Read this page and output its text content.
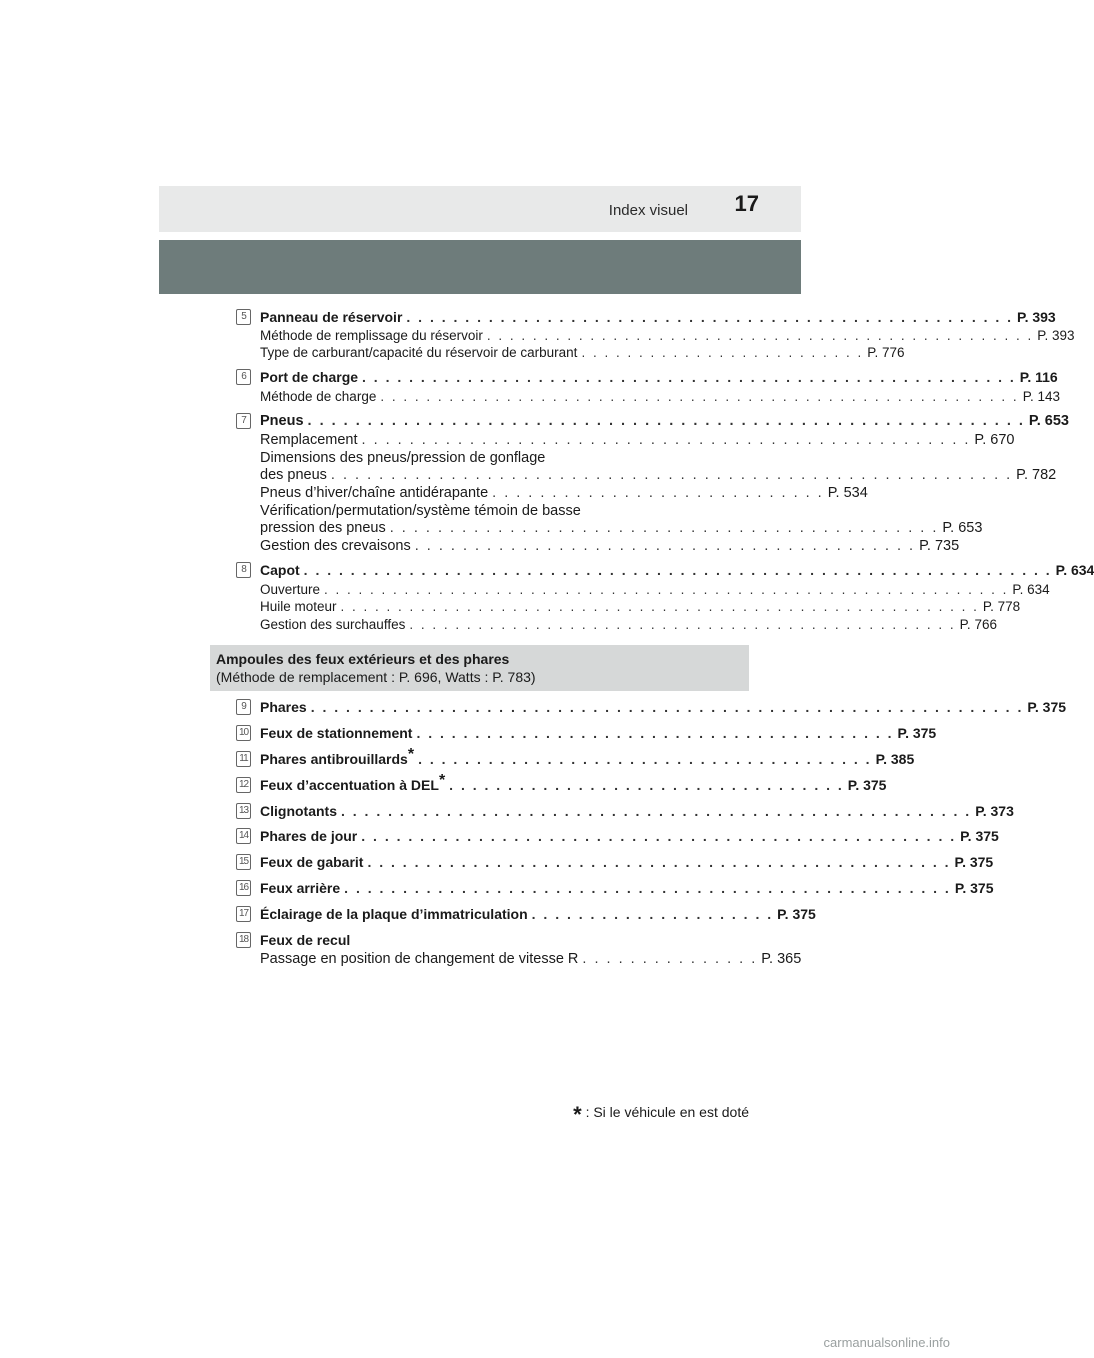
Index visuel 17
5	Panneau de réservoir . . . . . . . . . . . . . . . . . . . . . . . . . . . . . . . . . . . . . . . . . . . . . . . . . . . . P. 393
Méthode de remplissage du réservoir . . . . . . . . . . . . . . . . . . . . . . . . . . . . . . . . . . . . . . . . . . . . . . . . P. 393
Type de carburant/capacité du réservoir de carburant . . . . . . . . . . . . . . . . . . . . . . . . . P. 776
6	Port de charge . . . . . . . . . . . . . . . . . . . . . . . . . . . . . . . . . . . . . . . . . . . . . . . . . . . . . . . . P. 116
Méthode de charge . . . . . . . . . . . . . . . . . . . . . . . . . . . . . . . . . . . . . . . . . . . . . . . . . . . . . . . . P. 143
7 Pneus . . . . . . . . . . . . . . . . . . . . . . . . . . . . . . . . . . . . . . . . . . . . . . . . . . . . . . . . . . . . P. 653
Remplacement . . . . . . . . . . . . . . . . . . . . . . . . . . . . . . . . . . . . . . . . . . . . . . . . . . . P. 670
Dimensions des pneus/pression de gonflage
des pneus . . . . . . . . . . . . . . . . . . . . . . . . . . . . . . . . . . . . . . . . . . . . . . . . . . . . . . . . . P. 782
Pneus d’hiver/chaîne antidérapante . . . . . . . . . . . . . . . . . . . . . . . . . . . . P. 534
Vérification/permutation/système témoin de basse
pression des pneus . . . . . . . . . . . . . . . . . . . . . . . . . . . . . . . . . . . . . . . . . . . . . . P. 653
Gestion des crevaisons . . . . . . . . . . . . . . . . . . . . . . . . . . . . . . . . . . . . . . . . . . P. 735
8	Capot . . . . . . . . . . . . . . . . . . . . . . . . . . . . . . . . . . . . . . . . . . . . . . . . . . . . . . . . . . . . . . . . P. 634
Ouverture . . . . . . . . . . . . . . . . . . . . . . . . . . . . . . . . . . . . . . . . . . . . . . . . . . . . . . . . . . . . P. 634
Huile moteur . . . . . . . . . . . . . . . . . . . . . . . . . . . . . . . . . . . . . . . . . . . . . . . . . . . . . . . . P. 778
Gestion des surchauffes . . . . . . . . . . . . . . . . . . . . . . . . . . . . . . . . . . . . . . . . . . . . . . . . P. 766
Ampoules des feux extérieurs et des phares
(Méthode de remplacement : P. 696, Watts : P. 783)
9	Phares . . . . . . . . . . . . . . . . . . . . . . . . . . . . . . . . . . . . . . . . . . . . . . . . . . . . . . . . . . . . . P. 375
10 Feux de stationnement . . . . . . . . . . . . . . . . . . . . . . . . . . . . . . . . . . . . . . . . . P. 375
11 Phares antibrouillards* . . . . . . . . . . . . . . . . . . . . . . . . . . . . . . . . . . . . . . . P. 385
12 Feux d’accentuation à DEL* . . . . . . . . . . . . . . . . . . . . . . . . . . . . . . . . . . P. 375
13 Clignotants . . . . . . . . . . . . . . . . . . . . . . . . . . . . . . . . . . . . . . . . . . . . . . . . . . . . . . P. 373
14 Phares de jour . . . . . . . . . . . . . . . . . . . . . . . . . . . . . . . . . . . . . . . . . . . . . . . . . . . P. 375
15 Feux de gabarit . . . . . . . . . . . . . . . . . . . . . . . . . . . . . . . . . . . . . . . . . . . . . . . . . . P. 375
16 Feux arrière . . . . . . . . . . . . . . . . . . . . . . . . . . . . . . . . . . . . . . . . . . . . . . . . . . . . P. 375
17 Éclairage de la plaque d’immatriculation . . . . . . . . . . . . . . . . . . . . . P. 375
18 Feux de recul
Passage en position de changement de vitesse R . . . . . . . . . . . . . . . P. 365
* : Si le véhicule en est doté
carmanualsonline.info
